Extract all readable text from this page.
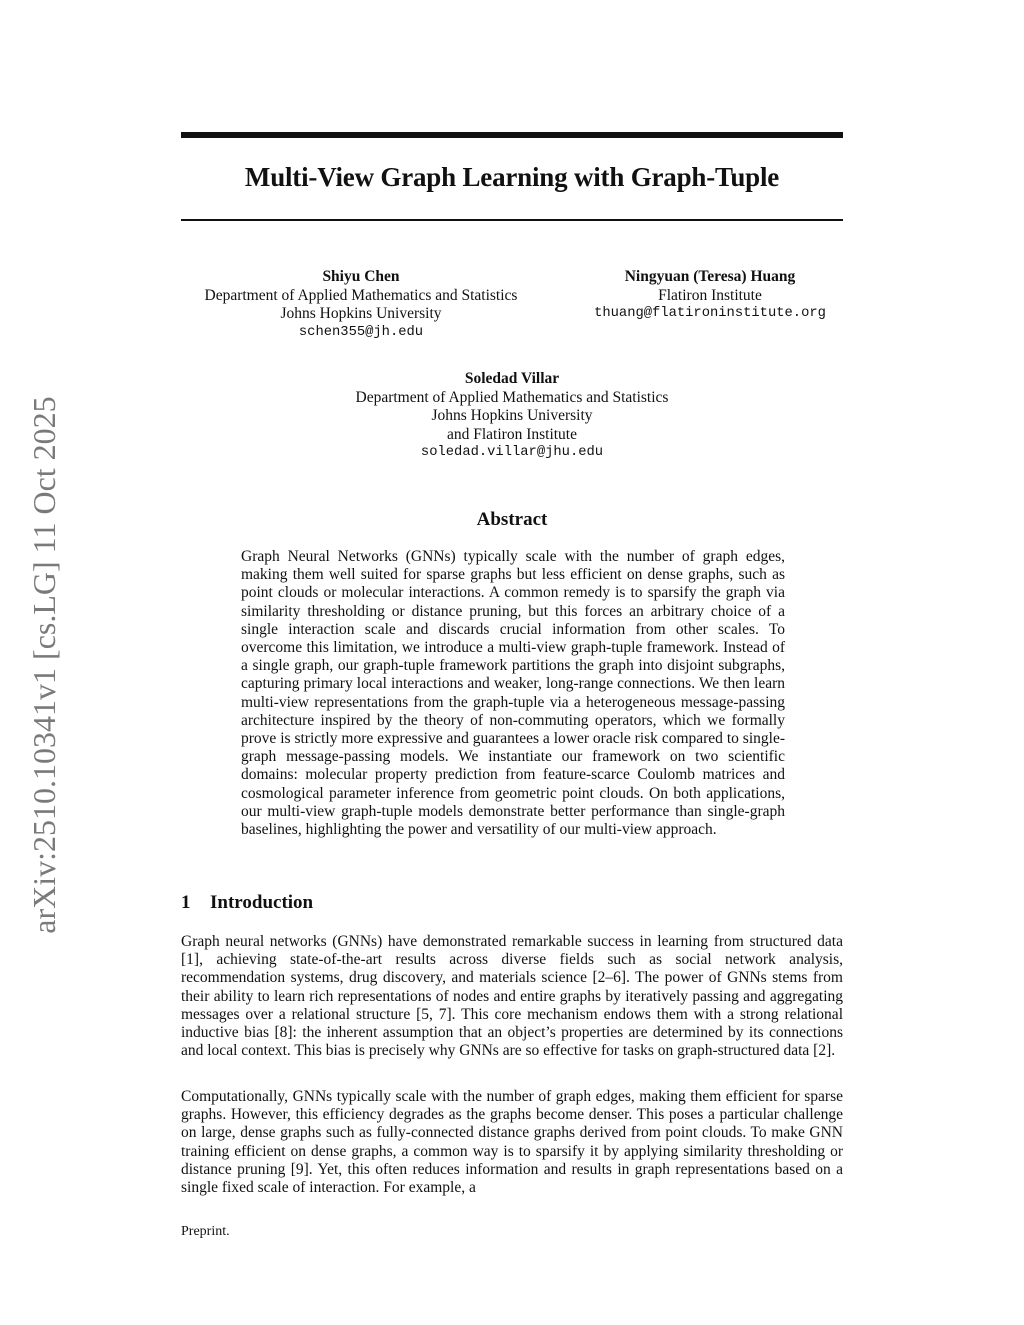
arXiv:2510.10341v1 [cs.LG] 11 Oct 2025
Multi-View Graph Learning with Graph-Tuple
Shiyu Chen
Department of Applied Mathematics and Statistics
Johns Hopkins University
schen355@jh.edu
Ningyuan (Teresa) Huang
Flatiron Institute
thuang@flatironinstitute.org
Soledad Villar
Department of Applied Mathematics and Statistics
Johns Hopkins University
and Flatiron Institute
soledad.villar@jhu.edu
Abstract
Graph Neural Networks (GNNs) typically scale with the number of graph edges, making them well suited for sparse graphs but less efficient on dense graphs, such as point clouds or molecular interactions. A common remedy is to sparsify the graph via similarity thresholding or distance pruning, but this forces an arbitrary choice of a single interaction scale and discards crucial information from other scales. To overcome this limitation, we introduce a multi-view graph-tuple framework. Instead of a single graph, our graph-tuple framework partitions the graph into disjoint subgraphs, capturing primary local interactions and weaker, long-range connections. We then learn multi-view representations from the graph-tuple via a heterogeneous message-passing architecture inspired by the theory of non-commuting operators, which we formally prove is strictly more expressive and guarantees a lower oracle risk compared to single-graph message-passing models. We instantiate our framework on two scientific domains: molecular property prediction from feature-scarce Coulomb matrices and cosmological parameter inference from geometric point clouds. On both applications, our multi-view graph-tuple models demonstrate better performance than single-graph baselines, highlighting the power and versatility of our multi-view approach.
1 Introduction
Graph neural networks (GNNs) have demonstrated remarkable success in learning from structured data [1], achieving state-of-the-art results across diverse fields such as social network analysis, recommendation systems, drug discovery, and materials science [2–6]. The power of GNNs stems from their ability to learn rich representations of nodes and entire graphs by iteratively passing and aggregating messages over a relational structure [5, 7]. This core mechanism endows them with a strong relational inductive bias [8]: the inherent assumption that an object’s properties are determined by its connections and local context. This bias is precisely why GNNs are so effective for tasks on graph-structured data [2].
Computationally, GNNs typically scale with the number of graph edges, making them efficient for sparse graphs. However, this efficiency degrades as the graphs become denser. This poses a particular challenge on large, dense graphs such as fully-connected distance graphs derived from point clouds. To make GNN training efficient on dense graphs, a common way is to sparsify it by applying similarity thresholding or distance pruning [9]. Yet, this often reduces information and results in graph representations based on a single fixed scale of interaction. For example, a
Preprint.
